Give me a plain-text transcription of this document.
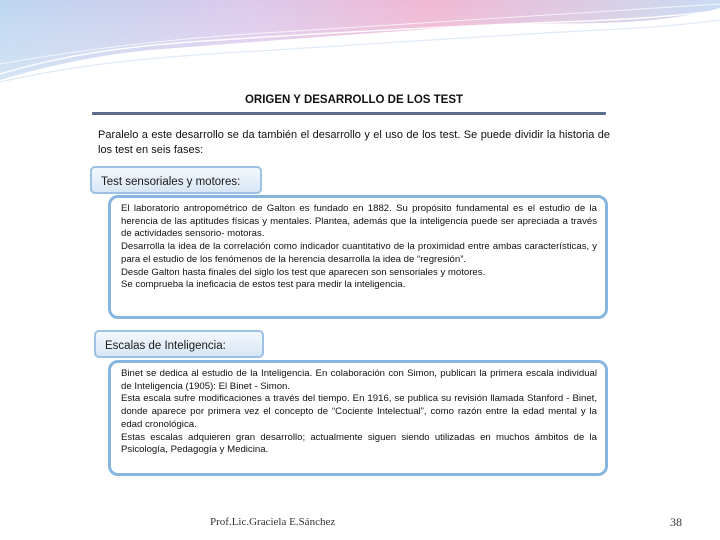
ORIGEN Y DESARROLLO DE LOS TEST
Paralelo a este desarrollo se da también el desarrollo y el uso de los test. Se puede dividir la historia de los test en seis fases:
Test sensoriales y motores:

El laboratorio antropométrico de Galton es fundado en 1882. Su propósito fundamental es el estudio de la herencia de las aptitudes físicas y mentales. Plantea, además que la inteligencia puede ser apreciada a través de actividades sensorio- motoras.

Desarrolla la idea de la correlación como indicador cuantitativo de la proximidad entre ambas características, y para el estudio de los fenómenos de la herencia desarrolla la idea de “regresión”.

Desde Galton hasta finales del siglo los test que aparecen son sensoriales y motores.

Se comprueba la ineficacia de estos test para medir la inteligencia.

Escalas de Inteligencia:

Binet se dedica al estudio de la Inteligencia. En colaboración con Simon, publican la primera escala individual de Inteligencia (1905): El Binet - Simon.

Esta escala sufre modificaciones a través del tiempo. En 1916, se publica su revisión llamada Stanford - Binet, donde aparece por primera vez el concepto de “Cociente Intelectual”, como razón entre la edad mental y la edad cronológica.

Estas escalas adquieren gran desarrollo; actualmente siguen siendo utilizadas en muchos ámbitos de la Psicología, Pedagogía y Medicina.

Prof.Lic.Graciela E.Sánchez	38
